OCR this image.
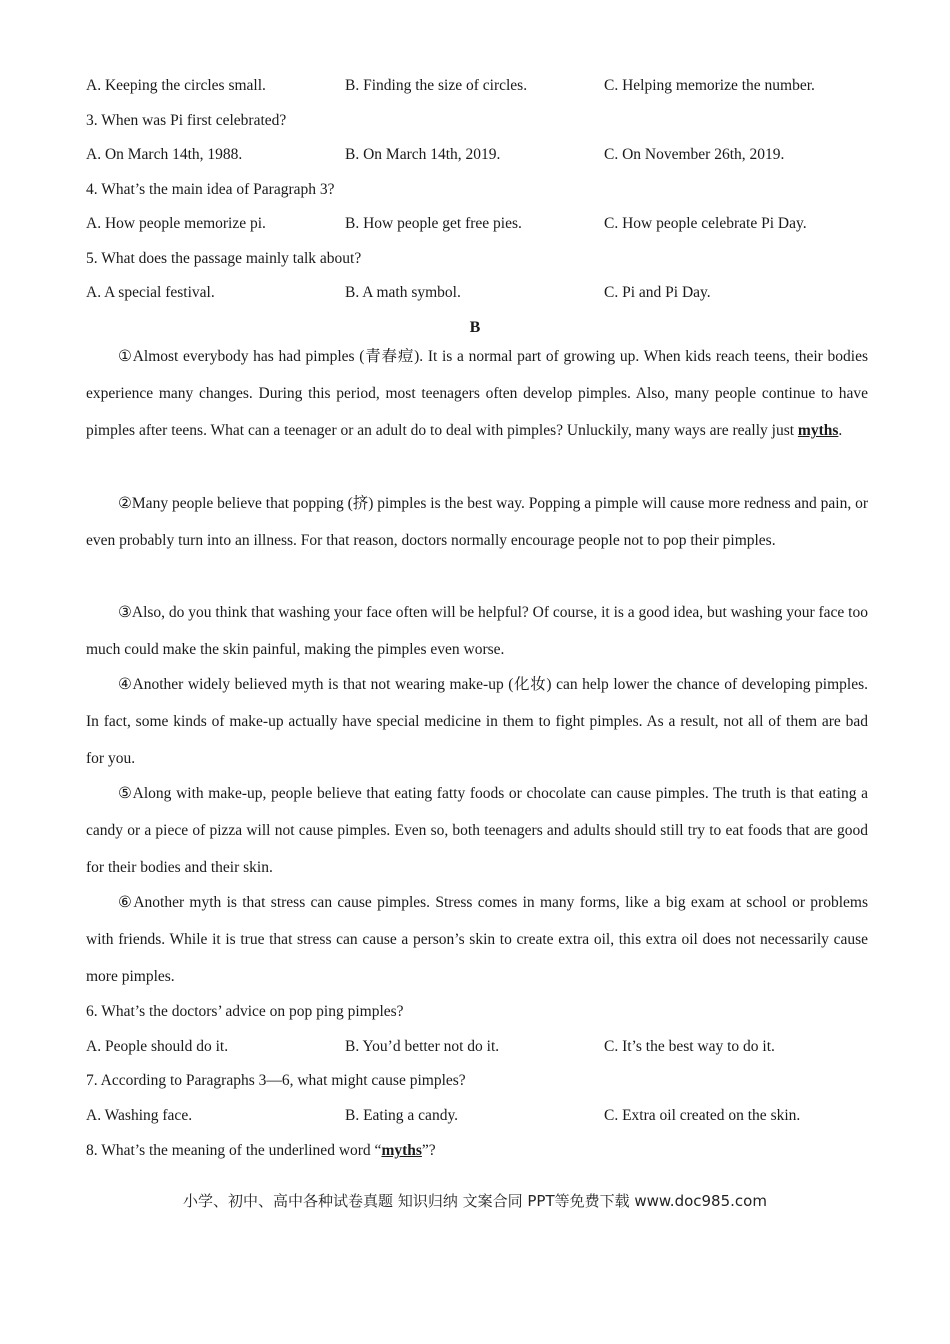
A. Keeping the circles small.	B. Finding the size of circles.	C. Helping memorize the number.
3. When was Pi first celebrated?
A. On March 14th, 1988.	B. On March 14th, 2019.	C. On November 26th, 2019.
4. What’s the main idea of Paragraph 3?
A. How people memorize pi.	B. How people get free pies.	C. How people celebrate Pi Day.
5. What does the passage mainly talk about?
A. A special festival.	B. A math symbol.	C. Pi and Pi Day.
B
①Almost everybody has had pimples (青春痘). It is a normal part of growing up. When kids reach teens, their bodies experience many changes. During this period, most teenagers often develop pimples. Also, many people continue to have pimples after teens. What can a teenager or an adult do to deal with pimples? Unluckily, many ways are really just myths.
②Many people believe that popping (挤) pimples is the best way. Popping a pimple will cause more redness and pain, or even probably turn into an illness. For that reason, doctors normally encourage people not to pop their pimples.
③Also, do you think that washing your face often will be helpful? Of course, it is a good idea, but washing your face too much could make the skin painful, making the pimples even worse.
④Another widely believed myth is that not wearing make-up (化妆) can help lower the chance of developing pimples. In fact, some kinds of make-up actually have special medicine in them to fight pimples. As a result, not all of them are bad for you.
⑤Along with make-up, people believe that eating fatty foods or chocolate can cause pimples. The truth is that eating a candy or a piece of pizza will not cause pimples. Even so, both teenagers and adults should still try to eat foods that are good for their bodies and their skin.
⑥Another myth is that stress can cause pimples. Stress comes in many forms, like a big exam at school or problems with friends. While it is true that stress can cause a person’s skin to create extra oil, this extra oil does not necessarily cause more pimples.
6. What’s the doctors’ advice on pop ping pimples?
A. People should do it.	B. You’d better not do it.	C. It’s the best way to do it.
7. According to Paragraphs 3—6, what might cause pimples?
A. Washing face.	B. Eating a candy.	C. Extra oil created on the skin.
8. What’s the meaning of the underlined word “myths”?
小学、初中、高中各种试卷真题 知识归纳 文案合同 PPT等免费下载 www.doc985.com
